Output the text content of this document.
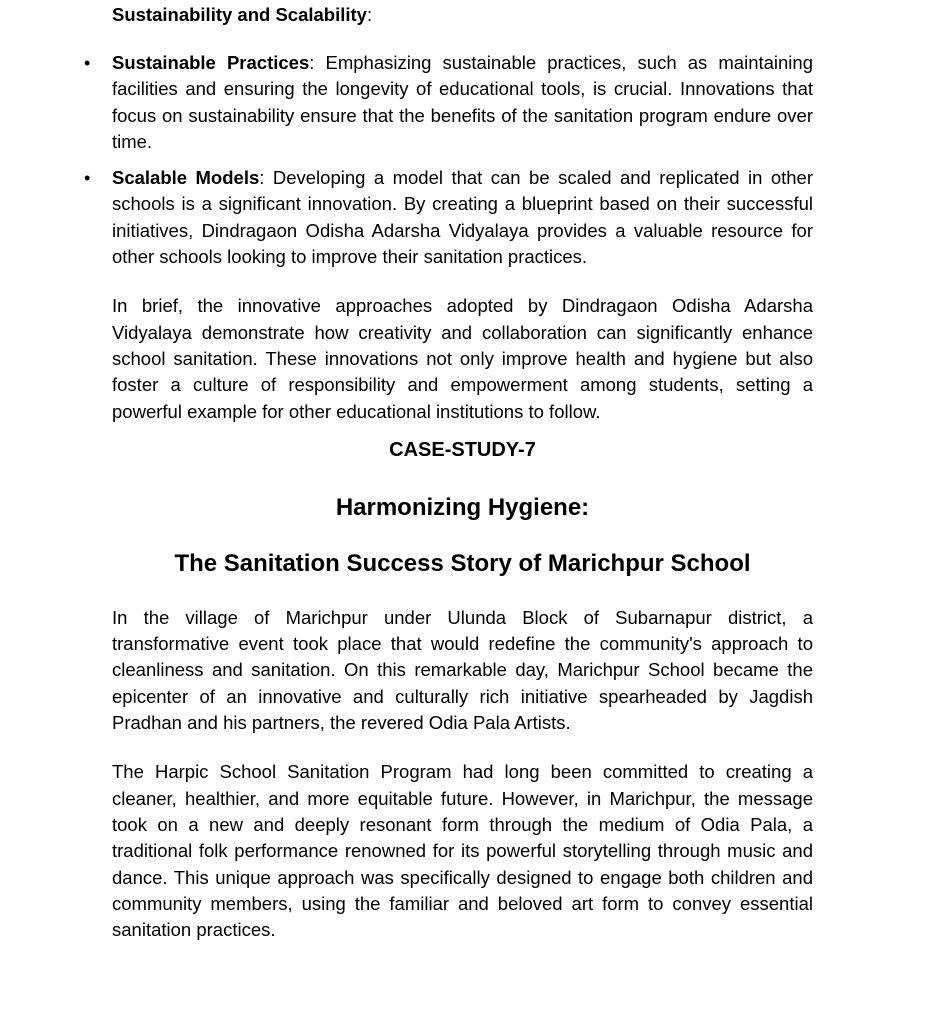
Sustainability and Scalability:
• Sustainable Practices: Emphasizing sustainable practices, such as maintaining facilities and ensuring the longevity of educational tools, is crucial. Innovations that focus on sustainability ensure that the benefits of the sanitation program endure over time.
• Scalable Models: Developing a model that can be scaled and replicated in other schools is a significant innovation. By creating a blueprint based on their successful initiatives, Dindragaon Odisha Adarsha Vidyalaya provides a valuable resource for other schools looking to improve their sanitation practices.

In brief, the innovative approaches adopted by Dindragaon Odisha Adarsha Vidyalaya demonstrate how creativity and collaboration can significantly enhance school sanitation. These innovations not only improve health and hygiene but also foster a culture of responsibility and empowerment among students, setting a powerful example for other educational institutions to follow.

CASE-STUDY-7
Harmonizing Hygiene:
The Sanitation Success Story of Marichpur School

In the village of Marichpur under Ulunda Block of Subarnapur district, a transformative event took place that would redefine the community's approach to cleanliness and sanitation. On this remarkable day, Marichpur School became the epicenter of an innovative and culturally rich initiative spearheaded by Jagdish Pradhan and his partners, the revered Odia Pala Artists.

The Harpic School Sanitation Program had long been committed to creating a cleaner, healthier, and more equitable future. However, in Marichpur, the message took on a new and deeply resonant form through the medium of Odia Pala, a traditional folk performance renowned for its powerful storytelling through music and dance. This unique approach was specifically designed to engage both children and community members, using the familiar and beloved art form to convey essential sanitation practices.
